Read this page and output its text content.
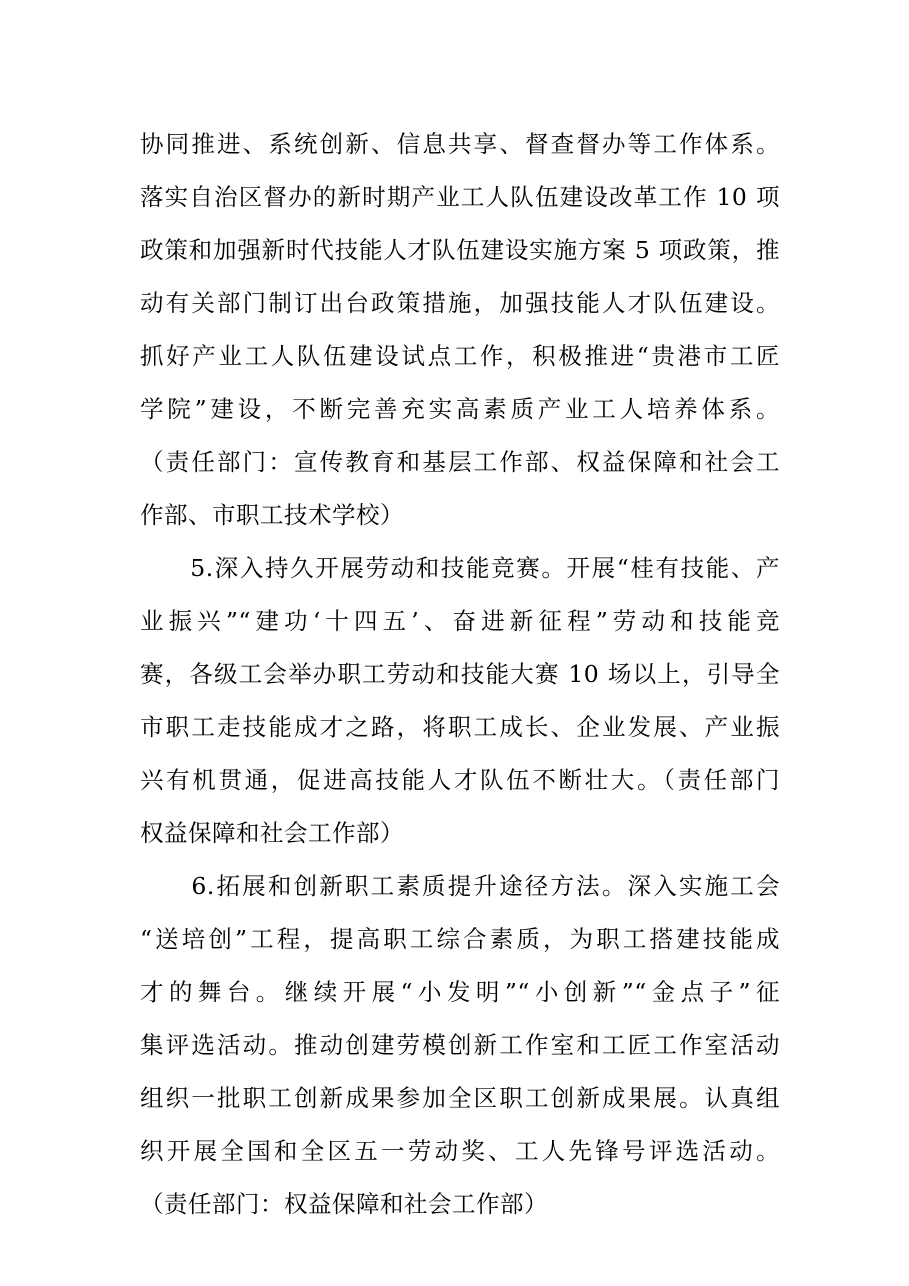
协同推进、系统创新、信息共享、督查督办等工作体系。
落实自治区督办的新时期产业工人队伍建设改革工作 10 项
政策和加强新时代技能人才队伍建设实施方案 5 项政策，推
动有关部门制订出台政策措施，加强技能人才队伍建设。
抓好产业工人队伍建设试点工作，积极推进“贵港市工匠
学院”建设，不断完善充实高素质产业工人培养体系。
（责任部门：宣传教育和基层工作部、权益保障和社会工
作部、市职工技术学校）
　　5.深入持久开展劳动和技能竞赛。开展“桂有技能、产
业振兴”“建功‘十四五’、奋进新征程”劳动和技能竞
赛，各级工会举办职工劳动和技能大赛 10 场以上，引导全
市职工走技能成才之路，将职工成长、企业发展、产业振
兴有机贯通，促进高技能人才队伍不断壮大。（责任部门
权益保障和社会工作部）
　　6.拓展和创新职工素质提升途径方法。深入实施工会
“送培创”工程，提高职工综合素质，为职工搭建技能成
才的舞台。继续开展“小发明”“小创新”“金点子”征
集评选活动。推动创建劳模创新工作室和工匠工作室活动
组织一批职工创新成果参加全区职工创新成果展。认真组
织开展全国和全区五一劳动奖、工人先锋号评选活动。
（责任部门：权益保障和社会工作部）
